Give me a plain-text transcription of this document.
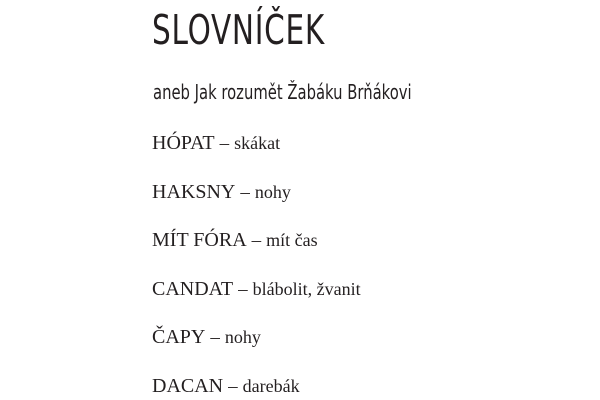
SLOVNÍČEK
aneb Jak rozumět Žabáku Brňákovi
HÓPAT – skákat
HAKSNY – nohy
MÍT FÓRA – mít čas
CANDAT – blábolit, žvanit
ČAPY – nohy
DACAN – darebák
